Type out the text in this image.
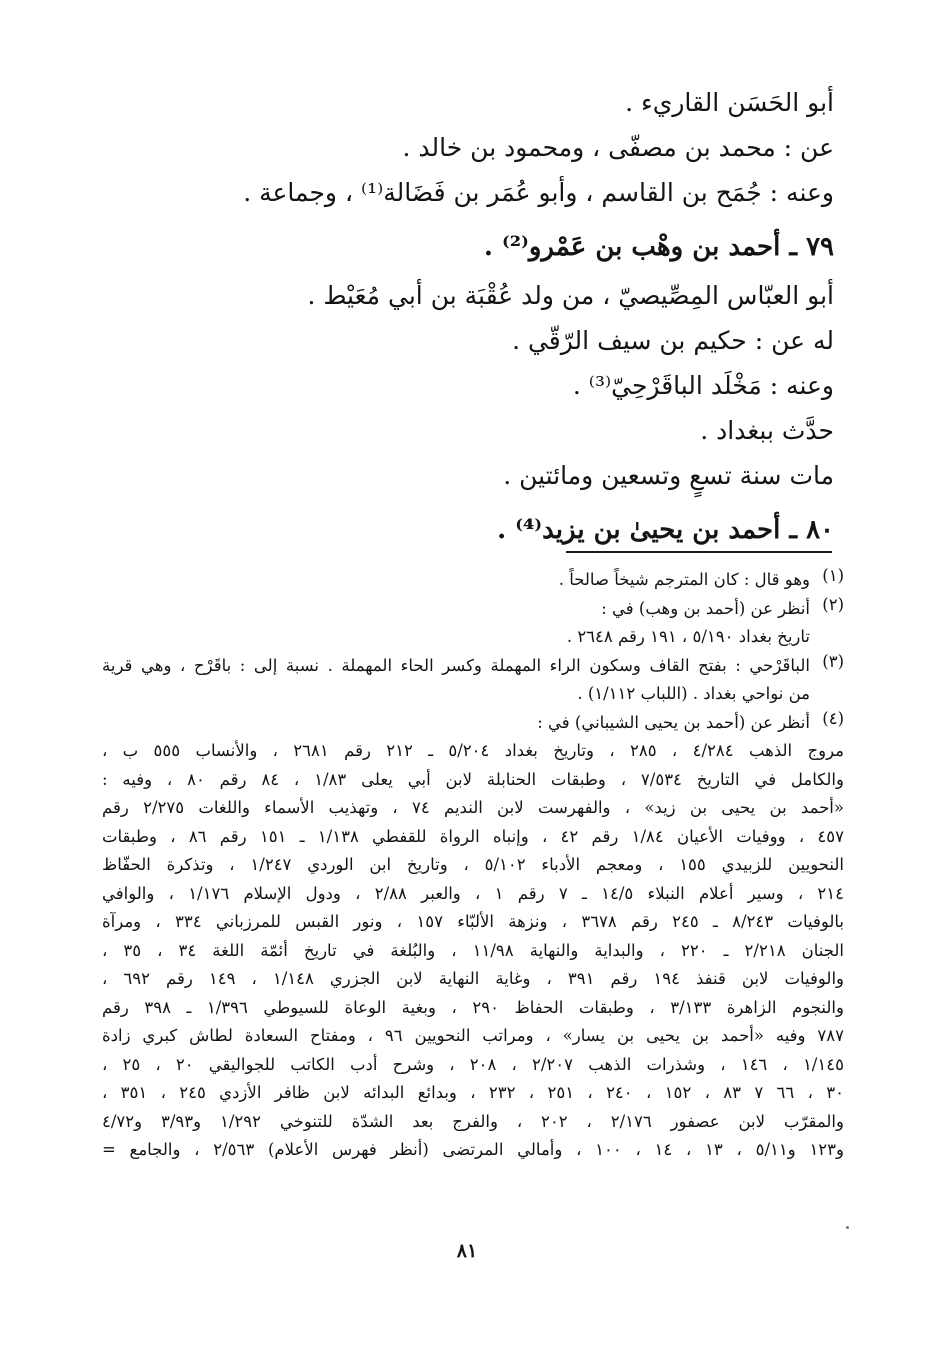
أبو الحَسَن القاريء .
عن : محمد بن مصفّى ، ومحمود بن خالد .
وعنه : جُمَح بن القاسم ، وأبو عُمَر بن فَضَالة⁽¹⁾ ، وجماعة .
٧٩ ـ أحمد بن وهْب بن عَمْرو⁽²⁾ .
أبو العبّاس المِصِّيصيّ ، من ولد عُقْبَة بن أبي مُعَيْط .
له عن : حكيم بن سيف الرّقّي .
وعنه : مَخْلَد الباقَرْحِيّ⁽³⁾ .
حدَّث ببغداد .
مات سنة تسعٍ وتسعين ومائتين .
٨٠ ـ أحمد بن يحيىٰ بن يزيد⁽⁴⁾ .
(١)
وهو قال : كان المترجم شيخاً صالحاً .
(٢)
أنظر عن (أحمد بن وهب) في :
تاريخ بغداد ٥/١٩٠ ، ١٩١ رقم ٢٦٤٨ .
(٣)
الباقَرْحي : بفتح القاف وسكون الراء المهملة وكسر الحاء المهملة . نسبة إلى : باقَرْح ، وهي قرية
من نواحي بغداد . (اللباب ١/١١٢) .
(٤)
أنظر عن (أحمد بن يحيى الشيباني) في :
مروج الذهب ٤/٢٨٤ ، ٢٨٥ ، وتاريخ بغداد ٥/٢٠٤ ـ ٢١٢ رقم ٢٦٨١ ، والأنساب ٥٥٥ ب ،
والكامل في التاريخ ٧/٥٣٤ ، وطبقات الحنابلة لابن أبي يعلى ١/٨٣ ، ٨٤ رقم ٨٠ ، وفيه :
«أحمد بن يحيى بن زيد» ، والفهرست لابن النديم ٧٤ ، وتهذيب الأسماء واللغات ٢/٢٧٥ رقم
٤٥٧ ، ووفيات الأعيان ١/٨٤ رقم ٤٢ ، وإنباه الرواة للقفطي ١/١٣٨ ـ ١٥١ رقم ٨٦ ، وطبقات
النحويين للزبيدي ١٥٥ ، ومعجم الأدباء ٥/١٠٢ ، وتاريخ ابن الوردي ١/٢٤٧ ، وتذكرة الحفّاظ
٢١٤ ، وسير أعلام النبلاء ١٤/٥ ـ ٧ رقم ١ ، والعبر ٢/٨٨ ، ودول الإسلام ١/١٧٦ ، والوافي
بالوفيات ٨/٢٤٣ ـ ٢٤٥ رقم ٣٦٧٨ ، ونزهة الألبّاء ١٥٧ ، ونور القبس للمرزباني ٣٣٤ ، ومرآة
الجنان ٢/٢١٨ ـ ٢٢٠ ، والبداية والنهاية ١١/٩٨ ، والبُلغة في تاريخ أئمّة اللغة ٣٤ ، ٣٥ ،
والوفيات لابن قنفذ ١٩٤ رقم ٣٩١ ، وغاية النهاية لابن الجزري ١/١٤٨ ، ١٤٩ رقم ٦٩٢ ،
والنجوم الزاهرة ٣/١٣٣ ، وطبقات الحفاظ ٢٩٠ ، وبغية الوعاة للسيوطي ١/٣٩٦ ـ ٣٩٨ رقم
٧٨٧ وفيه «أحمد بن يحيى بن يسار» ، ومراتب النحويين ٩٦ ، ومفتاح السعادة لطاش كبري زادة
١/١٤٥ ، ١٤٦ ، وشذرات الذهب ٢/٢٠٧ ، ٢٠٨ ، وشرح أدب الكاتب للجواليقي ٢٠ ، ٢٥ ،
٣٠ ، ٦٦ ٧ ٨٣ ، ١٥٢ ، ٢٤٠ ، ٢٥١ ، ٢٣٢ ، وبدائع البدائه لابن ظافر الأزدي ٢٤٥ ، ٣٥١ ،
والمقرّب لابن عصفور ٢/١٧٦ ، ٢٠٢ ، والفرج بعد الشدّة للتنوخي ١/٢٩٢ و٣/٩٣ و٤/٧٢
و١٢٣ و٥/١١ ، ١٣ ، ١٤ ، ١٠٠ ، وأمالي المرتضى (أنظر فهرس الأعلام) ٢/٥٦٣ ، والجامع =
٨١
